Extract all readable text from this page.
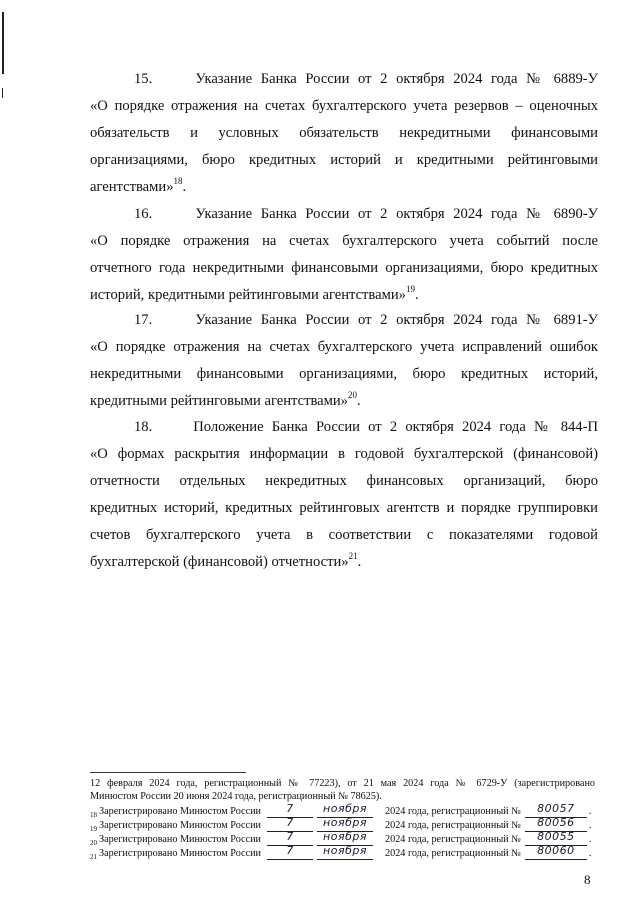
15.	Указание Банка России от 2 октября 2024 года № 6889-У

«О порядке отражения на счетах бухгалтерского учета резервов – оценочных

обязательств и условных обязательств некредитными финансовыми

организациями, бюро кредитных историй и кредитными рейтинговыми

агентствами»$^{18}$.

16.	Указание Банка России от 2 октября 2024 года № 6890-У

«О порядке отражения на счетах бухгалтерского учета событий после

отчетного года некредитными финансовыми организациями, бюро кредитных

историй, кредитными рейтинговыми агентствами»$^{19}$.

17.	Указание Банка России от 2 октября 2024 года № 6891-У

«О порядке отражения на счетах бухгалтерского учета исправлений ошибок

некредитными финансовыми организациями, бюро кредитных историй,

кредитными рейтинговыми агентствами»$^{20}$.

18.	Положение Банка России от 2 октября 2024 года № 844-П

«О формах раскрытия информации в годовой бухгалтерской (финансовой)

отчетности отдельных некредитных финансовых организаций, бюро

кредитных историй, кредитных рейтинговых агентств и порядке группировки

счетов бухгалтерского учета в соответствии с показателями годовой

бухгалтерской (финансовой) отчетности»$^{21}$.

12 февраля 2024 года, регистрационный № 77223), от 21 мая 2024 года № 6729-У (зарегистрировано
Минюстом России 20 июня 2024 года, регистрационный № 78625).
$^{18}$ Зарегистрировано Минюстом России	7	ноября	2024 года, регистрационный №	80057	.
$^{19}$ Зарегистрировано Минюстом России	7	ноября	2024 года, регистрационный №	80056	.
$^{20}$ Зарегистрировано Минюстом России	7	ноября	2024 года, регистрационный №	80055	.
$^{21}$ Зарегистрировано Минюстом России	7	ноября	2024 года, регистрационный №	80060	.
8
